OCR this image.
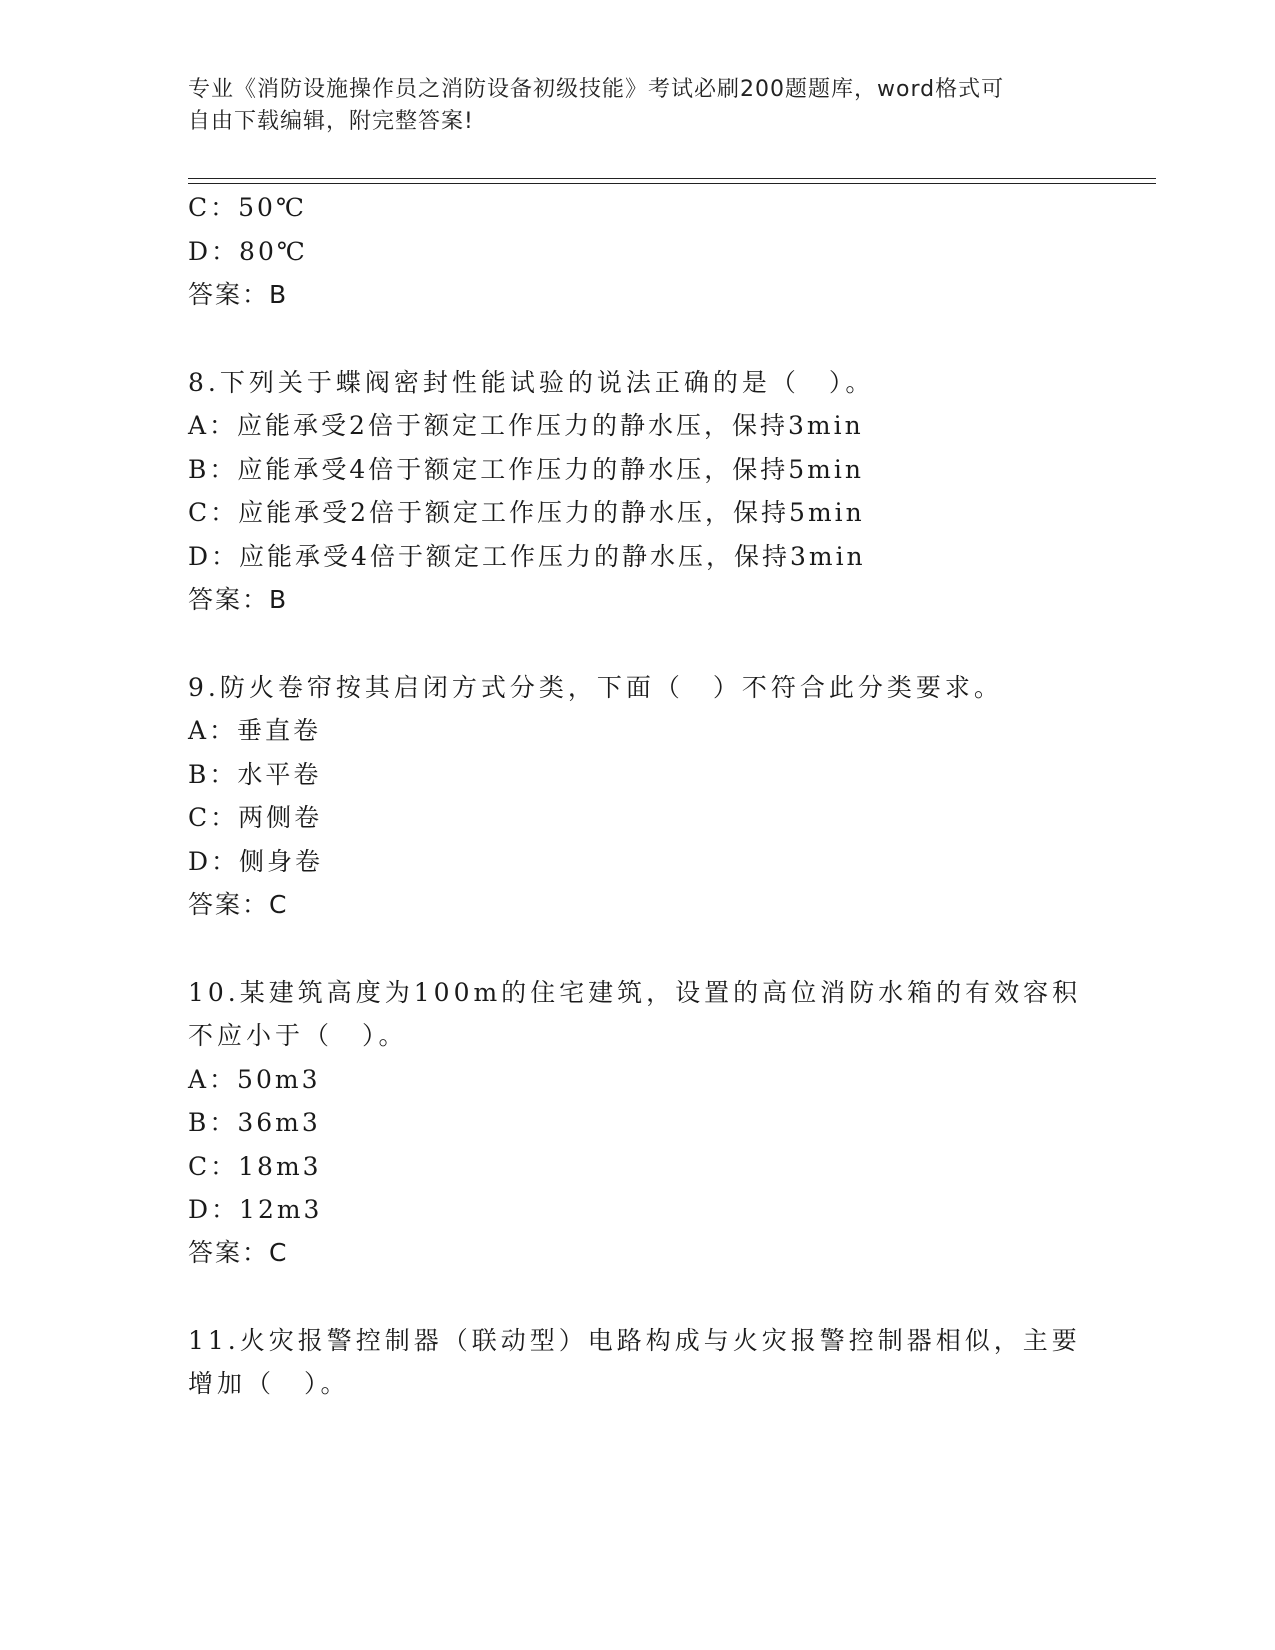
专业《消防设施操作员之消防设备初级技能》考试必刷200题题库，word格式可
自由下载编辑，附完整答案!
C：50℃
D：80℃
答案：B
8.下列关于蝶阀密封性能试验的说法正确的是（　）。
A：应能承受2倍于额定工作压力的静水压，保持3min
B：应能承受4倍于额定工作压力的静水压，保持5min
C：应能承受2倍于额定工作压力的静水压，保持5min
D：应能承受4倍于额定工作压力的静水压，保持3min
答案：B
9.防火卷帘按其启闭方式分类，下面（　）不符合此分类要求。
A：垂直卷
B：水平卷
C：两侧卷
D：侧身卷
答案：C
10.某建筑高度为100m的住宅建筑，设置的高位消防水箱的有效容积
不应小于（　）。
A：50m3
B：36m3
C：18m3
D：12m3
答案：C
11.火灾报警控制器（联动型）电路构成与火灾报警控制器相似，主要
增加（　）。
